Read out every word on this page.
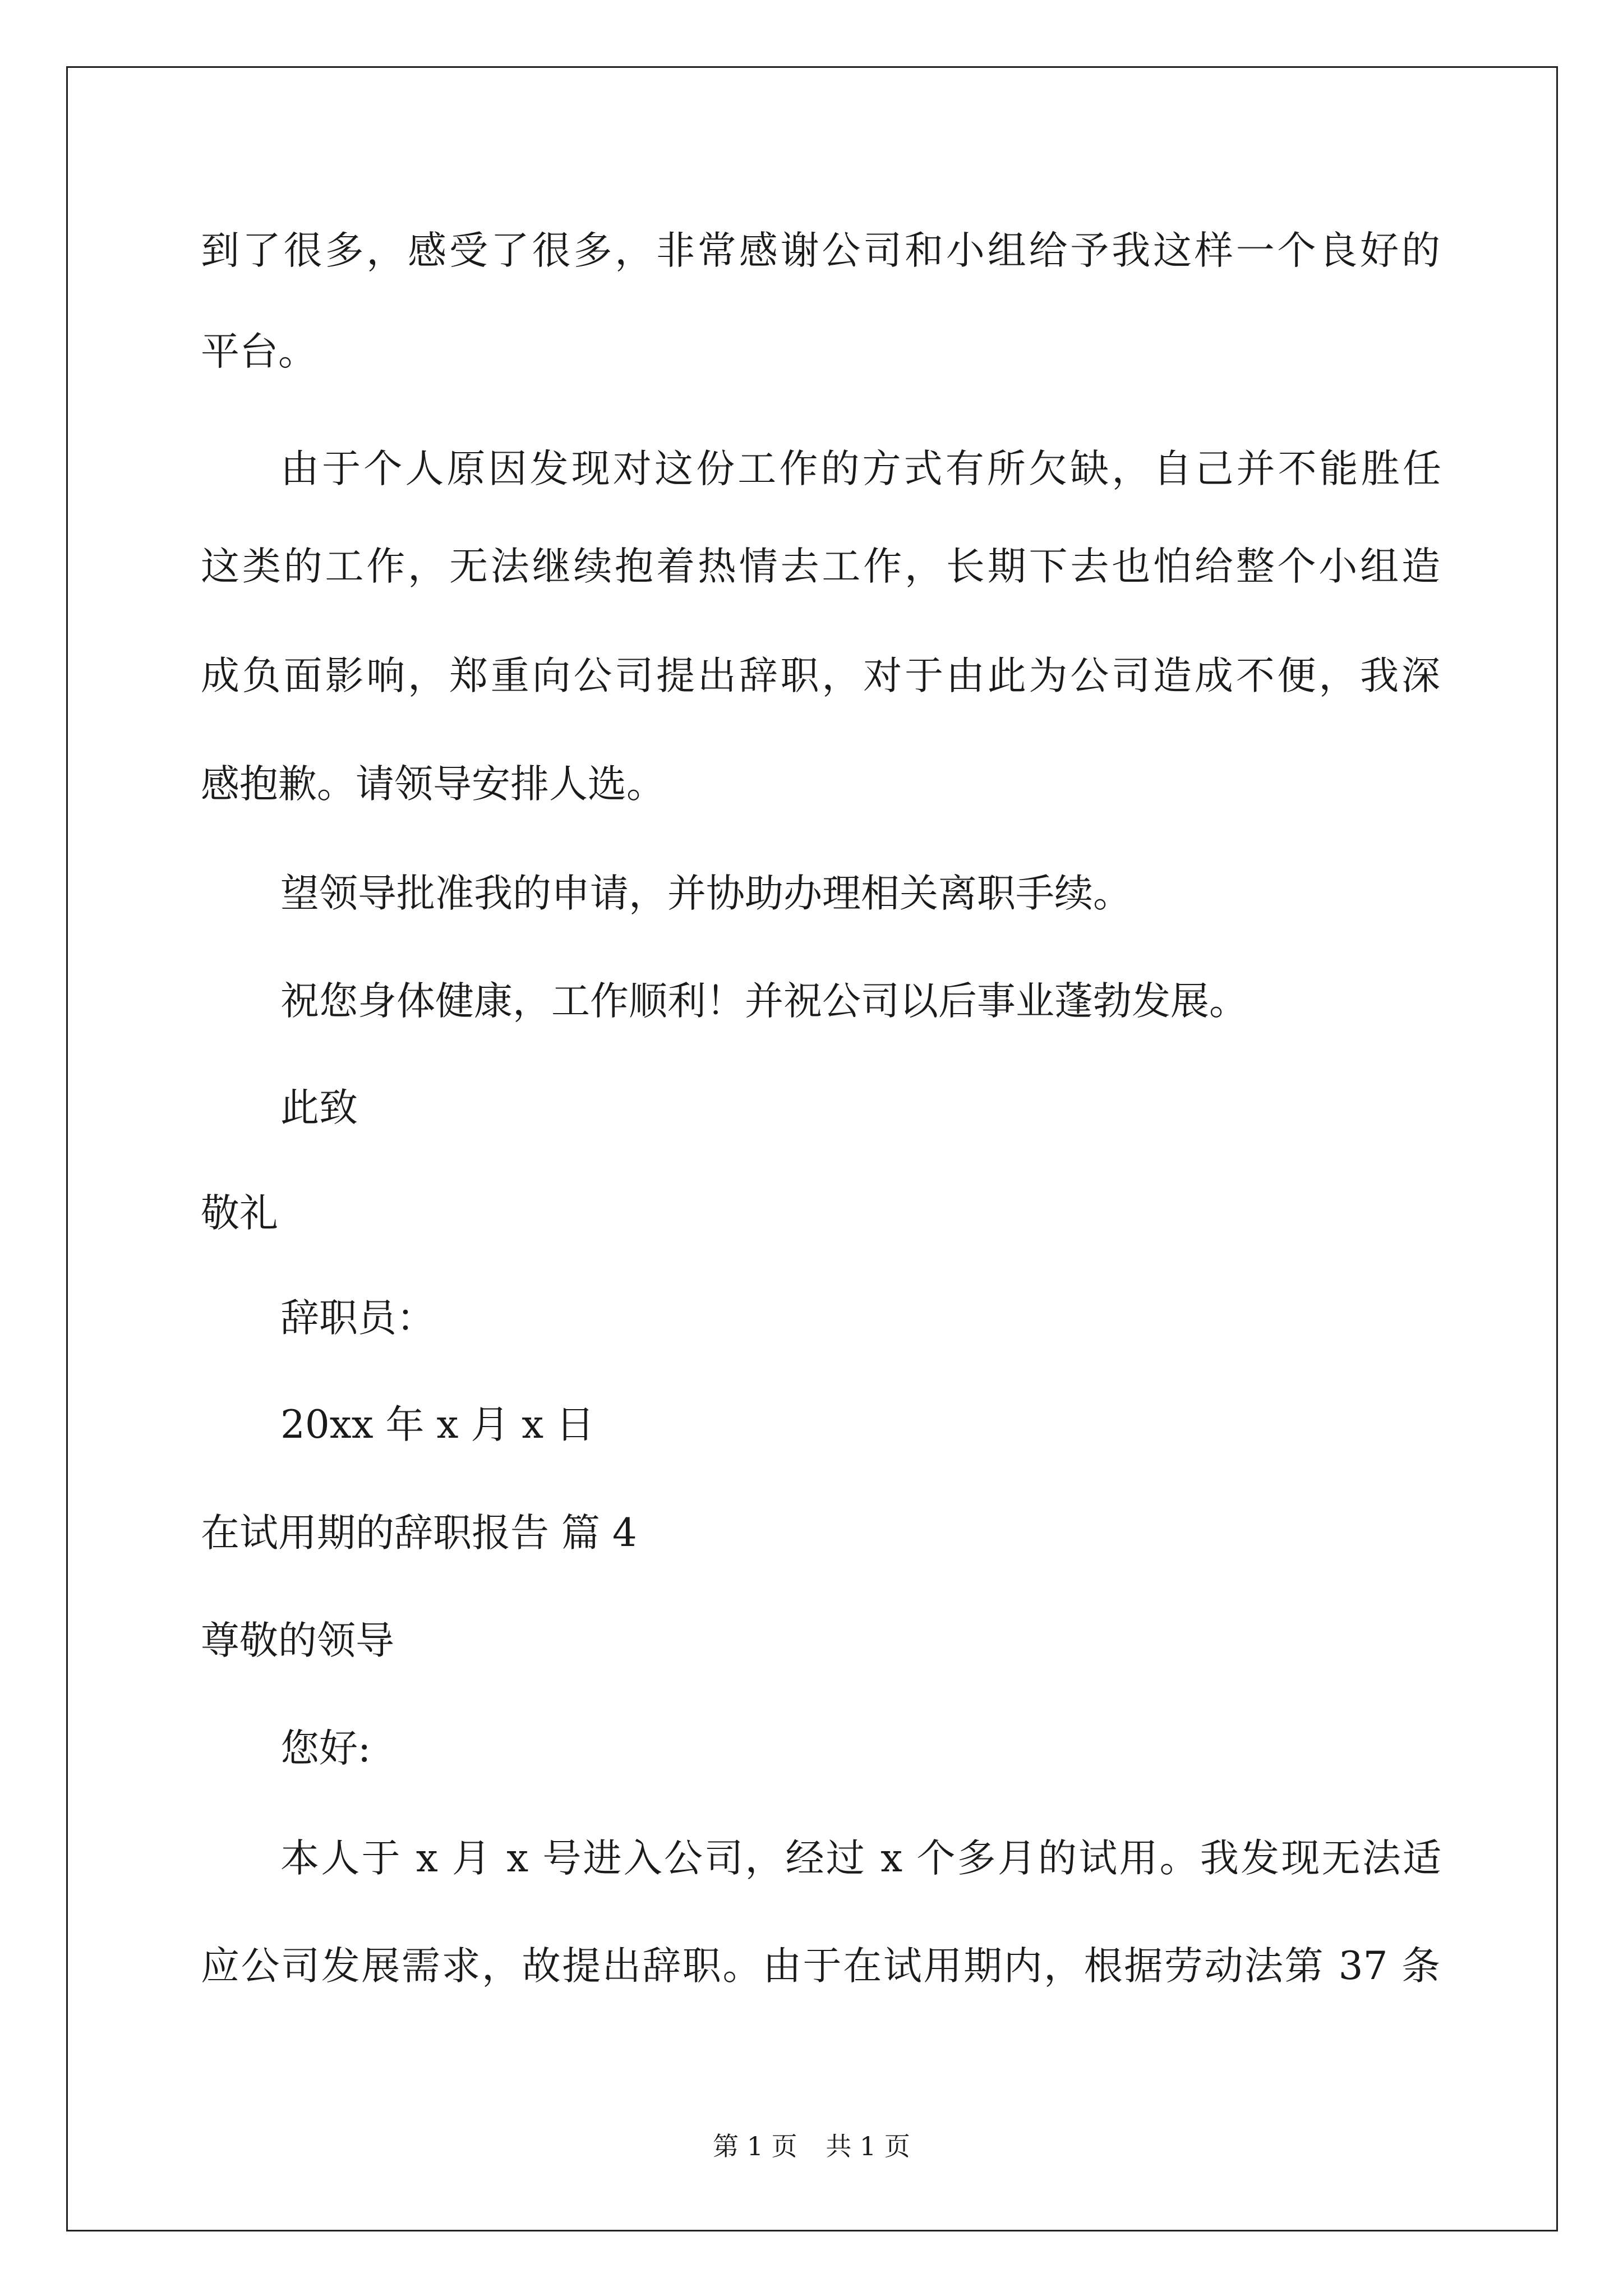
到了很多，感受了很多，非常感谢公司和小组给予我这样一个良好的
平台。
由于个人原因发现对这份工作的方式有所欠缺，自己并不能胜任
这类的工作，无法继续抱着热情去工作，长期下去也怕给整个小组造
成负面影响，郑重向公司提出辞职，对于由此为公司造成不便，我深
感抱歉。请领导安排人选。
望领导批准我的申请，并协助办理相关离职手续。
祝您身体健康，工作顺利！并祝公司以后事业蓬勃发展。
此致
敬礼
辞职员：
20xx 年 x 月 x 日
在试用期的辞职报告 篇 4
尊敬的领导
您好:
本人于 x 月 x 号进入公司，经过 x 个多月的试用。我发现无法适
应公司发展需求，故提出辞职。由于在试用期内，根据劳动法第 37 条
第 1 页 共 1 页
